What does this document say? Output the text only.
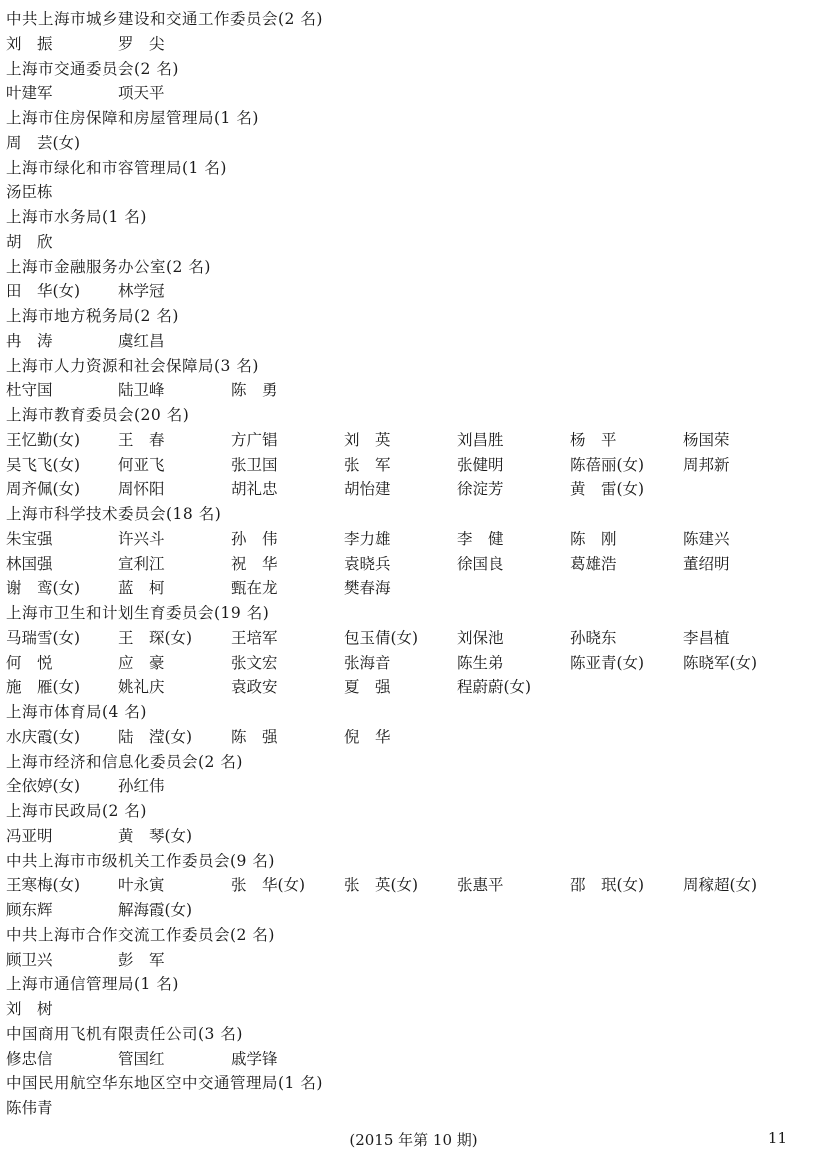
中共上海市城乡建设和交通工作委员会(2 名)
刘　振	罗　尖
上海市交通委员会(2 名)
叶建军	项天平
上海市住房保障和房屋管理局(1 名)
周　芸(女)
上海市绿化和市容管理局(1 名)
汤臣栋
上海市水务局(1 名)
胡　欣
上海市金融服务办公室(2 名)
田　华(女) 林学冠
上海市地方税务局(2 名)
冉　涛	虞红昌
上海市人力资源和社会保障局(3 名)
杜守国	陆卫峰	陈　勇
上海市教育委员会(20 名)
王忆勤(女) 王　春	方广锠	刘　英	刘昌胜	杨　平	杨国荣
吴飞飞(女) 何亚飞	张卫国	张　军	张健明	陈蓓丽(女)	周邦新
周齐佩(女) 周怀阳	胡礼忠	胡怡建	徐淀芳	黄　雷(女)
上海市科学技术委员会(18 名)
朱宝强	许兴斗	孙　伟	李力雄	李　健	陈　刚	陈建兴
林国强	宣利江	祝　华	袁晓兵	徐国良	葛雄浩	董绍明
谢　鸾(女) 蓝　柯	甄在龙	樊春海
上海市卫生和计划生育委员会(19 名)
马瑞雪(女) 王　琛(女)	王培军	包玉倩(女)	刘保池	孙晓东	李昌植
何　悦	应　豪	张文宏	张海音	陈生弟	陈亚青(女)	陈晓军(女)
施　雁(女) 姚礼庆	袁政安	夏　强	程蔚蔚(女)
上海市体育局(4 名)
水庆霞(女) 陆　滢(女)	陈　强	倪　华
上海市经济和信息化委员会(2 名)
全依婷(女) 孙红伟
上海市民政局(2 名)
冯亚明	黄　琴(女)
中共上海市市级机关工作委员会(9 名)
王寒梅(女) 叶永寅	张　华(女)	张　英(女)	张惠平	邵　珉(女)	周稼超(女)
顾东辉	解海霞(女)
中共上海市合作交流工作委员会(2 名)
顾卫兴	彭　军
上海市通信管理局(1 名)
刘　树
中国商用飞机有限责任公司(3 名)
修忠信	管国红	戚学锋
中国民用航空华东地区空中交通管理局(1 名)
陈伟青
(2015 年第 10 期)	11
